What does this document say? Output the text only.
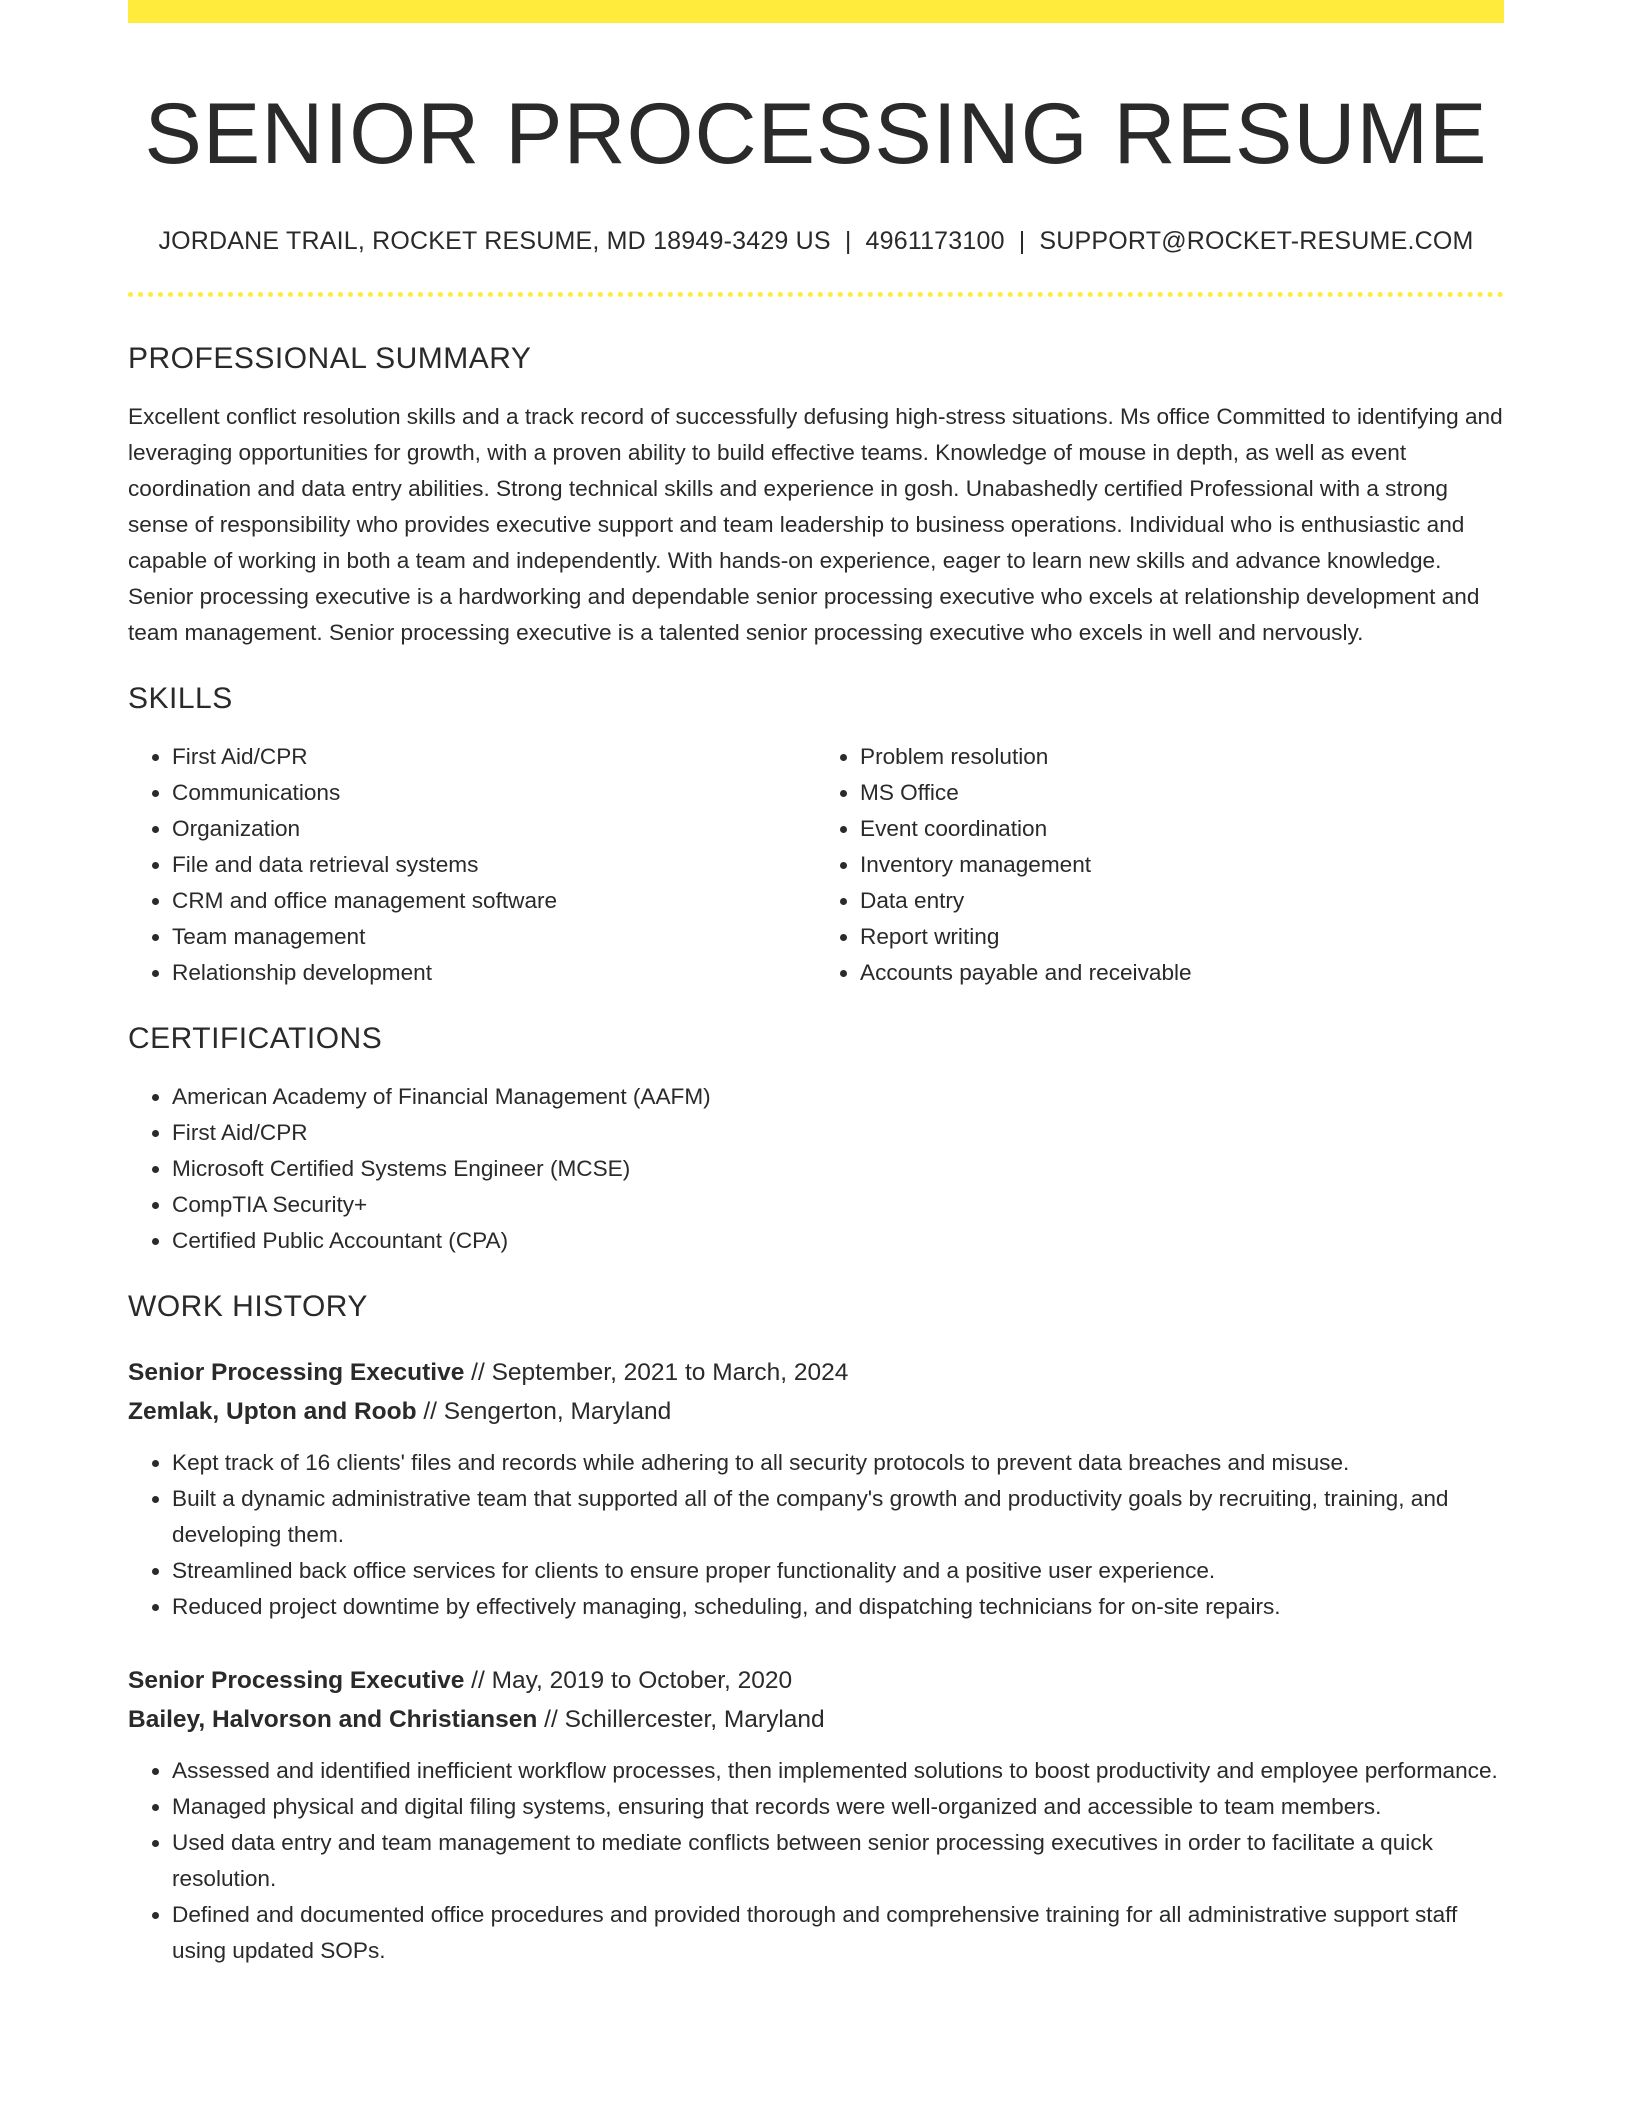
SENIOR PROCESSING RESUME
JORDANE TRAIL, ROCKET RESUME, MD 18949-3429 US | 4961173100 | SUPPORT@ROCKET-RESUME.COM
PROFESSIONAL SUMMARY
Excellent conflict resolution skills and a track record of successfully defusing high-stress situations. Ms office Committed to identifying and leveraging opportunities for growth, with a proven ability to build effective teams. Knowledge of mouse in depth, as well as event coordination and data entry abilities. Strong technical skills and experience in gosh. Unabashedly certified Professional with a strong sense of responsibility who provides executive support and team leadership to business operations. Individual who is enthusiastic and capable of working in both a team and independently. With hands-on experience, eager to learn new skills and advance knowledge. Senior processing executive is a hardworking and dependable senior processing executive who excels at relationship development and team management. Senior processing executive is a talented senior processing executive who excels in well and nervously.
SKILLS
• First Aid/CPR
• Communications
• Organization
• File and data retrieval systems
• CRM and office management software
• Team management
• Relationship development
• Problem resolution
• MS Office
• Event coordination
• Inventory management
• Data entry
• Report writing
• Accounts payable and receivable
CERTIFICATIONS
• American Academy of Financial Management (AAFM)
• First Aid/CPR
• Microsoft Certified Systems Engineer (MCSE)
• CompTIA Security+
• Certified Public Accountant (CPA)
WORK HISTORY
Senior Processing Executive // September, 2021 to March, 2024
Zemlak, Upton and Roob // Sengerton, Maryland
• Kept track of 16 clients' files and records while adhering to all security protocols to prevent data breaches and misuse.
• Built a dynamic administrative team that supported all of the company's growth and productivity goals by recruiting, training, and developing them.
• Streamlined back office services for clients to ensure proper functionality and a positive user experience.
• Reduced project downtime by effectively managing, scheduling, and dispatching technicians for on-site repairs.
Senior Processing Executive // May, 2019 to October, 2020
Bailey, Halvorson and Christiansen // Schillercester, Maryland
• Assessed and identified inefficient workflow processes, then implemented solutions to boost productivity and employee performance.
• Managed physical and digital filing systems, ensuring that records were well-organized and accessible to team members.
• Used data entry and team management to mediate conflicts between senior processing executives in order to facilitate a quick resolution.
• Defined and documented office procedures and provided thorough and comprehensive training for all administrative support staff using updated SOPs.
